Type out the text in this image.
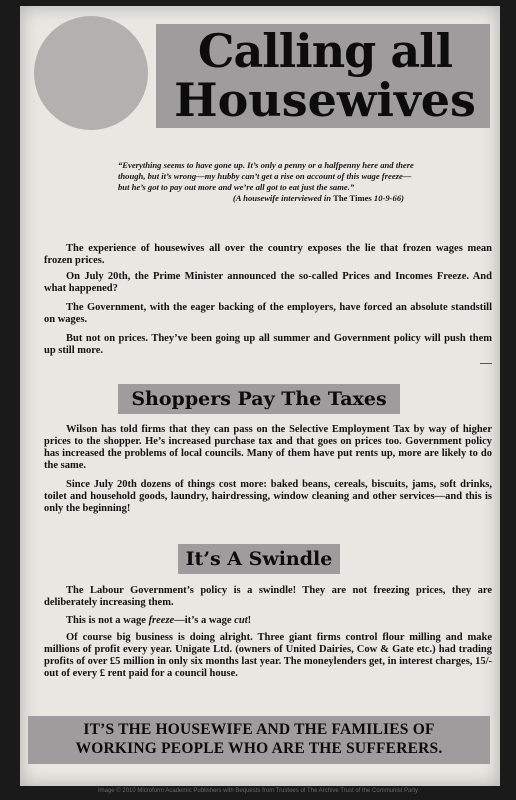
Calling all
Housewives
“Everything seems to have gone up. It’s only a penny or a halfpenny here and there though, but it’s wrong—my hubby can’t get a rise on account of this wage freeze—but he’s got to pay out more and we’re all got to eat just the same.”
(A housewife interviewed in The Times 10-9-66)

The experience of housewives all over the country exposes the lie that frozen wages mean frozen prices.

On July 20th, the Prime Minister announced the so-called Prices and Incomes Freeze. And what happened?

The Government, with the eager backing of the employers, have forced an absolute standstill on wages.

But not on prices. They’ve been going up all summer and Government policy will push them up still more.

Shoppers Pay The Taxes

Wilson has told firms that they can pass on the Selective Employment Tax by way of higher prices to the shopper. He’s increased purchase tax and that goes on prices too. Government policy has increased the problems of local councils. Many of them have put rents up, more are likely to do the same.

Since July 20th dozens of things cost more: baked beans, cereals, biscuits, jams, soft drinks, toilet and household goods, laundry, hairdressing, window cleaning and other services—and this is only the beginning!

It’s A Swindle

The Labour Government’s policy is a swindle! They are not freezing prices, they are deliberately increasing them.

This is not a wage freeze—it’s a wage cut!

Of course big business is doing alright. Three giant firms control flour milling and make millions of profit every year. Unigate Ltd. (owners of United Dairies, Cow & Gate etc.) had trading profits of over £5 million in only six months last year. The moneylenders get, in interest charges, 15/- out of every £ rent paid for a council house.

IT’S THE HOUSEWIFE AND THE FAMILIES OF
WORKING PEOPLE WHO ARE THE SUFFERERS.
Image © 2010 Microform Academic Publishers with Bequests from Trustees of The Archive Trust of the Communist Party
